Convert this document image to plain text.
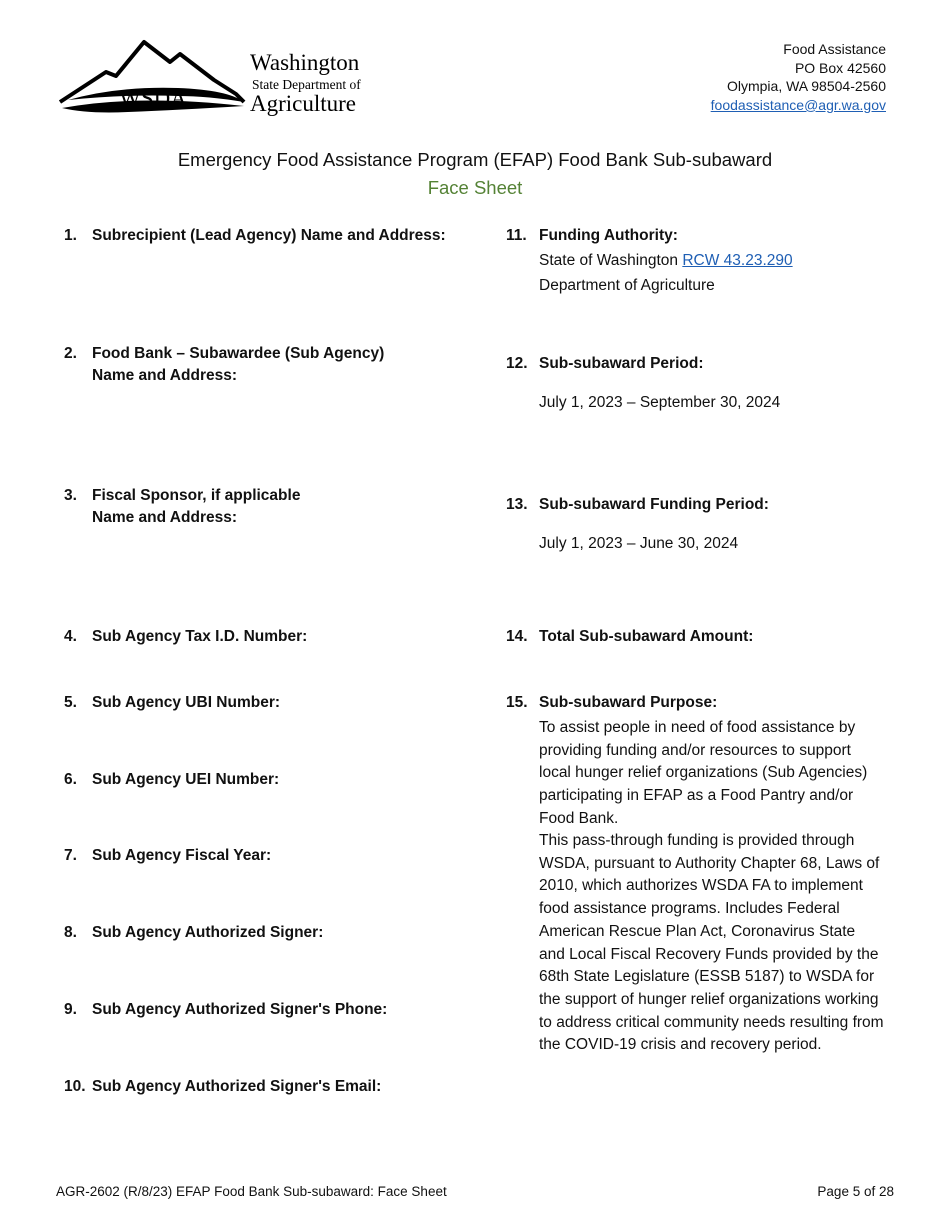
WSDA
Washington
State Department of
Agriculture
Food Assistance
PO Box 42560
Olympia, WA 98504-2560
foodassistance@agr.wa.gov
Emergency Food Assistance Program (EFAP) Food Bank Sub-subaward
Face Sheet
1. Subrecipient (Lead Agency) Name and Address:
2. Food Bank – Subawardee (Sub Agency)
Name and Address:
3. Fiscal Sponsor, if applicable
Name and Address:
4. Sub Agency Tax I.D. Number:
5. Sub Agency UBI Number:
6. Sub Agency UEI Number:
7. Sub Agency Fiscal Year:
8. Sub Agency Authorized Signer:
9. Sub Agency Authorized Signer's Phone:
10. Sub Agency Authorized Signer's Email:
11. Funding Authority:
State of Washington RCW 43.23.290
Department of Agriculture
12. Sub-subaward Period:
July 1, 2023 – September 30, 2024
13. Sub-subaward Funding Period:
July 1, 2023 – June 30, 2024
14. Total Sub-subaward Amount:
15. Sub-subaward Purpose:
To assist people in need of food assistance by providing funding and/or resources to support local hunger relief organizations (Sub Agencies) participating in EFAP as a Food Pantry and/or Food Bank.
This pass-through funding is provided through WSDA, pursuant to Authority Chapter 68, Laws of 2010, which authorizes WSDA FA to implement food assistance programs. Includes Federal American Rescue Plan Act, Coronavirus State and Local Fiscal Recovery Funds provided by the 68th State Legislature (ESSB 5187) to WSDA for the support of hunger relief organizations working to address critical community needs resulting from the COVID-19 crisis and recovery period.
AGR-2602 (R/8/23) EFAP Food Bank Sub-subaward: Face Sheet	Page 5 of 28
